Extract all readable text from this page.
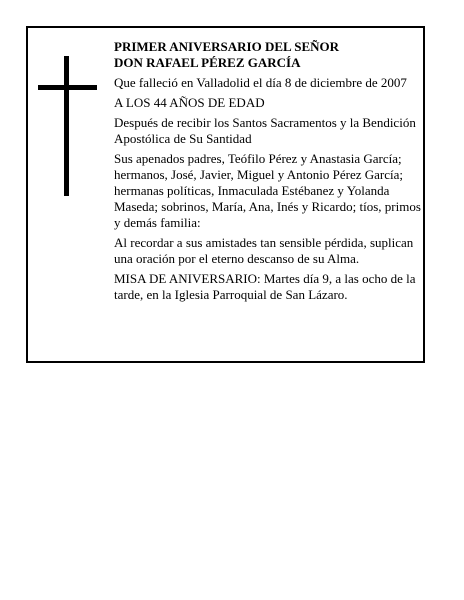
PRIMER ANIVERSARIO DEL SEÑOR

DON RAFAEL PÉREZ GARCÍA

Que falleció en Valladolid el día 8 de diciembre de 2007

A LOS 44 AÑOS DE EDAD

Después de recibir los Santos Sacramentos y la Bendición Apostólica de Su Santidad

Sus apenados padres, Teófilo Pérez y Anastasia García; hermanos, José, Javier, Miguel y Antonio Pérez García; hermanas políticas, Inmaculada Estébanez y Yolanda Maseda; sobrinos, María, Ana, Inés y Ricardo; tíos, primos y demás familia:

Al recordar a sus amistades tan sensible pérdida, suplican una oración por el eterno descanso de su Alma.

MISA DE ANIVERSARIO: Martes día 9, a las ocho de la tarde, en la Iglesia Parroquial de San Lázaro.
